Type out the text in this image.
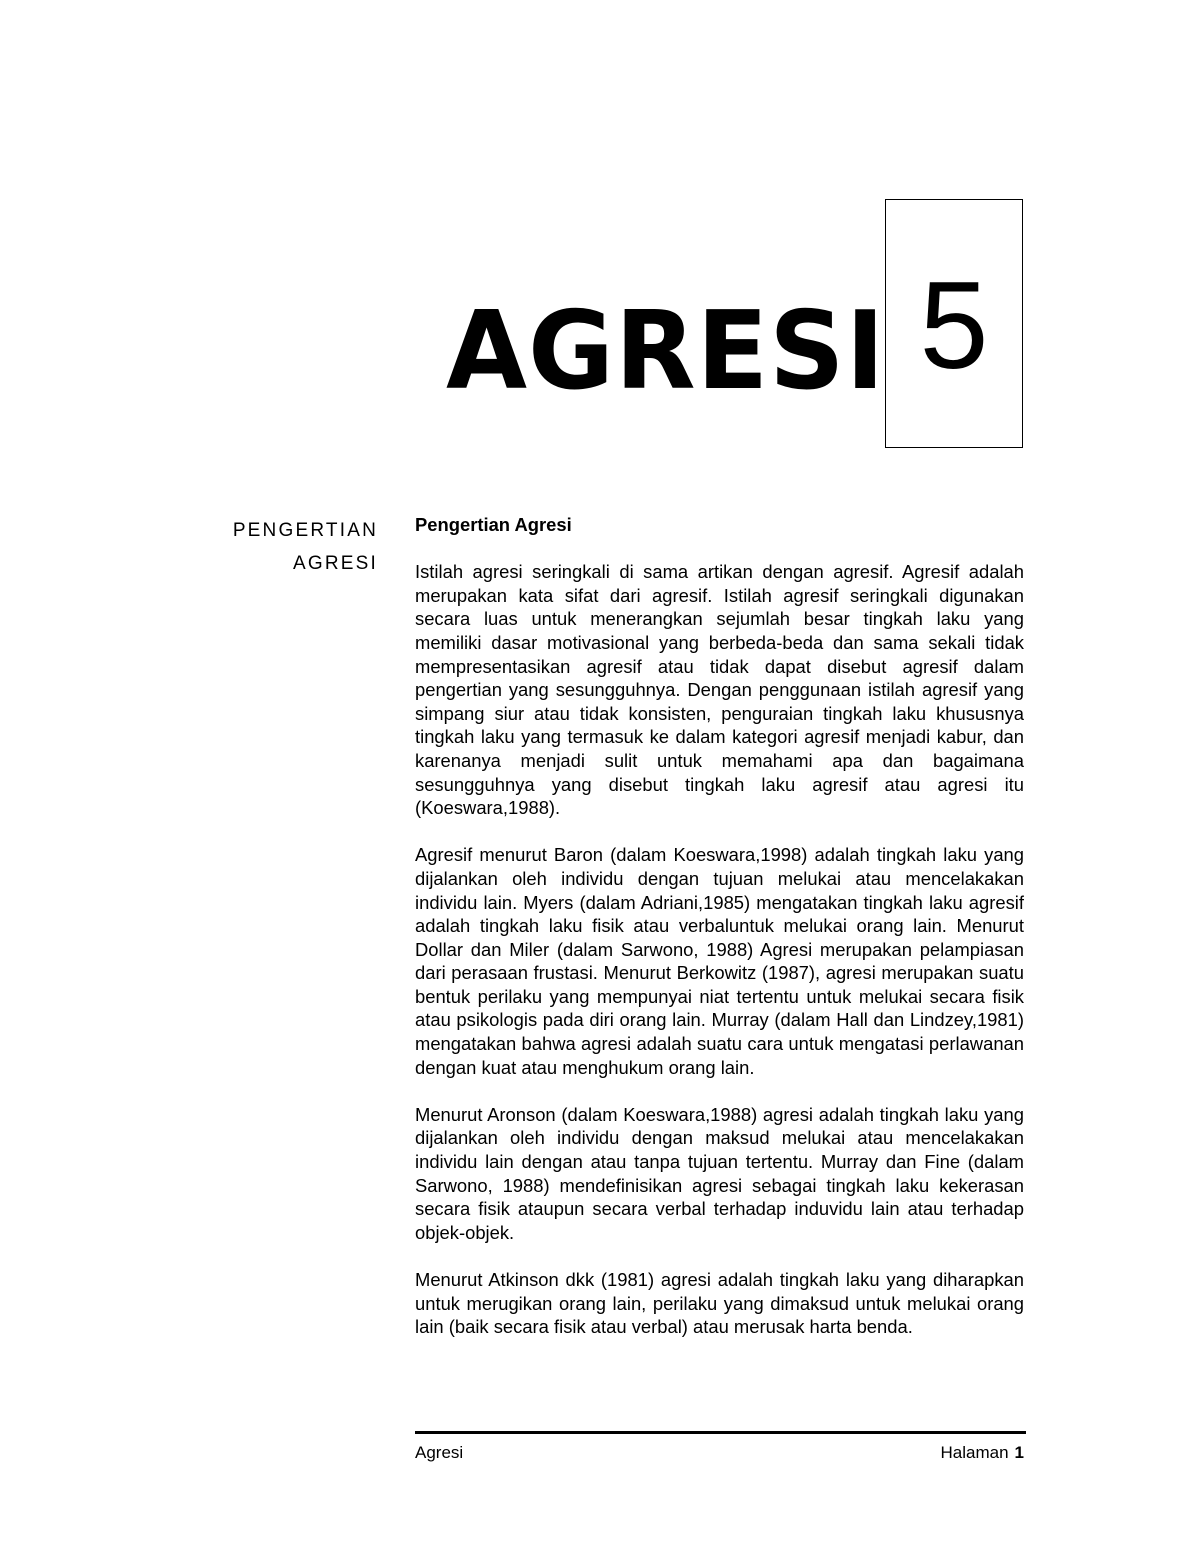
AGRESI 5
PENGERTIAN
AGRESI

Pengertian Agresi

Istilah agresi seringkali di sama artikan dengan agresif. Agresif adalah merupakan kata sifat dari agresif. Istilah agresif seringkali digunakan secara luas untuk menerangkan sejumlah besar tingkah laku yang memiliki dasar motivasional yang berbeda-beda dan sama sekali tidak mempresentasikan agresif atau tidak dapat disebut agresif dalam pengertian yang sesungguhnya. Dengan penggunaan istilah agresif yang simpang siur atau tidak konsisten, penguraian tingkah laku khususnya tingkah laku yang termasuk ke dalam kategori agresif menjadi kabur, dan karenanya menjadi sulit untuk memahami apa dan bagaimana sesungguhnya yang disebut tingkah laku agresif atau agresi itu (Koeswara,1988).

Agresif menurut Baron (dalam Koeswara,1998) adalah tingkah laku yang dijalankan oleh individu dengan tujuan melukai atau mencelakakan individu lain. Myers (dalam Adriani,1985) mengatakan tingkah laku agresif adalah tingkah laku fisik atau verbaluntuk melukai orang lain. Menurut Dollar dan Miler (dalam Sarwono, 1988) Agresi merupakan pelampiasan dari perasaan frustasi. Menurut Berkowitz (1987), agresi merupakan suatu bentuk perilaku yang mempunyai niat tertentu untuk melukai secara fisik atau psikologis pada diri orang lain. Murray (dalam Hall dan Lindzey,1981) mengatakan bahwa agresi adalah suatu cara untuk mengatasi perlawanan dengan kuat atau menghukum orang lain.

Menurut Aronson (dalam Koeswara,1988) agresi adalah tingkah laku yang dijalankan oleh individu dengan maksud melukai atau mencelakakan individu lain dengan atau tanpa tujuan tertentu. Murray dan Fine (dalam Sarwono, 1988) mendefinisikan agresi sebagai tingkah laku kekerasan secara fisik ataupun secara verbal terhadap induvidu lain atau terhadap objek-objek.

Menurut Atkinson dkk (1981) agresi adalah tingkah laku yang diharapkan untuk merugikan orang lain, perilaku yang dimaksud untuk melukai orang lain (baik secara fisik atau verbal) atau merusak harta benda.

Agresi	Halaman 1
